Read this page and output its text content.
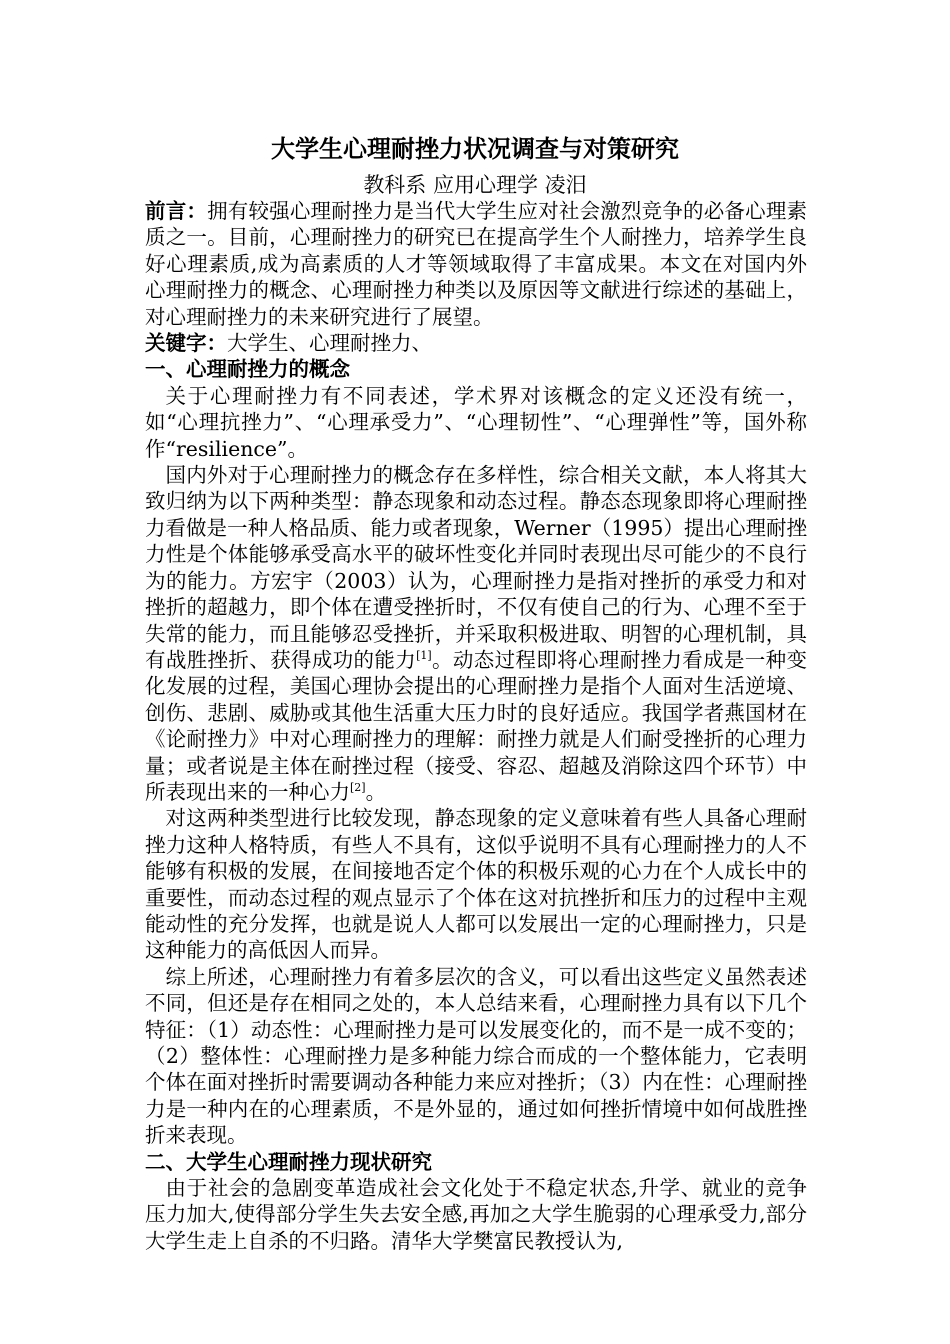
大学生心理耐挫力状况调查与对策研究
教科系 应用心理学 凌汨

前言：拥有较强心理耐挫力是当代大学生应对社会激烈竞争的必备心理素质之一。目前，心理耐挫力的研究已在提高学生个人耐挫力，培养学生良好心理素质,成为高素质的人才等领域取得了丰富成果。本文在对国内外心理耐挫力的概念、心理耐挫力种类以及原因等文献进行综述的基础上，对心理耐挫力的未来研究进行了展望。

关键字：大学生、心理耐挫力、

一、心理耐挫力的概念

关于心理耐挫力有不同表述，学术界对该概念的定义还没有统一，如“心理抗挫力”、“心理承受力”、“心理韧性”、“心理弹性”等，国外称作“resilience”。

国内外对于心理耐挫力的概念存在多样性，综合相关文献，本人将其大致归纳为以下两种类型：静态现象和动态过程。静态态现象即将心理耐挫力看做是一种人格品质、能力或者现象，Werner（1995）提出心理耐挫力性是个体能够承受高水平的破坏性变化并同时表现出尽可能少的不良行为的能力。方宏宇（2003）认为，心理耐挫力是指对挫折的承受力和对挫折的超越力，即个体在遭受挫折时，不仅有使自己的行为、心理不至于失常的能力，而且能够忍受挫折，并采取积极进取、明智的心理机制，具有战胜挫折、获得成功的能力[1]。动态过程即将心理耐挫力看成是一种变化发展的过程，美国心理协会提出的心理耐挫力是指个人面对生活逆境、创伤、悲剧、威胁或其他生活重大压力时的良好适应。我国学者燕国材在《论耐挫力》中对心理耐挫力的理解：耐挫力就是人们耐受挫折的心理力量；或者说是主体在耐挫过程（接受、容忍、超越及消除这四个环节）中所表现出来的一种心力[2]。

对这两种类型进行比较发现，静态现象的定义意味着有些人具备心理耐挫力这种人格特质，有些人不具有，这似乎说明不具有心理耐挫力的人不能够有积极的发展，在间接地否定个体的积极乐观的心力在个人成长中的重要性，而动态过程的观点显示了个体在这对抗挫折和压力的过程中主观能动性的充分发挥，也就是说人人都可以发展出一定的心理耐挫力，只是这种能力的高低因人而异。

综上所述，心理耐挫力有着多层次的含义，可以看出这些定义虽然表述不同，但还是存在相同之处的，本人总结来看，心理耐挫力具有以下几个特征：（1）动态性：心理耐挫力是可以发展变化的，而不是一成不变的；（2）整体性：心理耐挫力是多种能力综合而成的一个整体能力，它表明个体在面对挫折时需要调动各种能力来应对挫折；（3）内在性：心理耐挫力是一种内在的心理素质，不是外显的，通过如何挫折情境中如何战胜挫折来表现。

二、大学生心理耐挫力现状研究

由于社会的急剧变革造成社会文化处于不稳定状态,升学、就业的竞争压力加大,使得部分学生失去安全感,再加之大学生脆弱的心理承受力,部分大学生走上自杀的不归路。清华大学樊富民教授认为,
